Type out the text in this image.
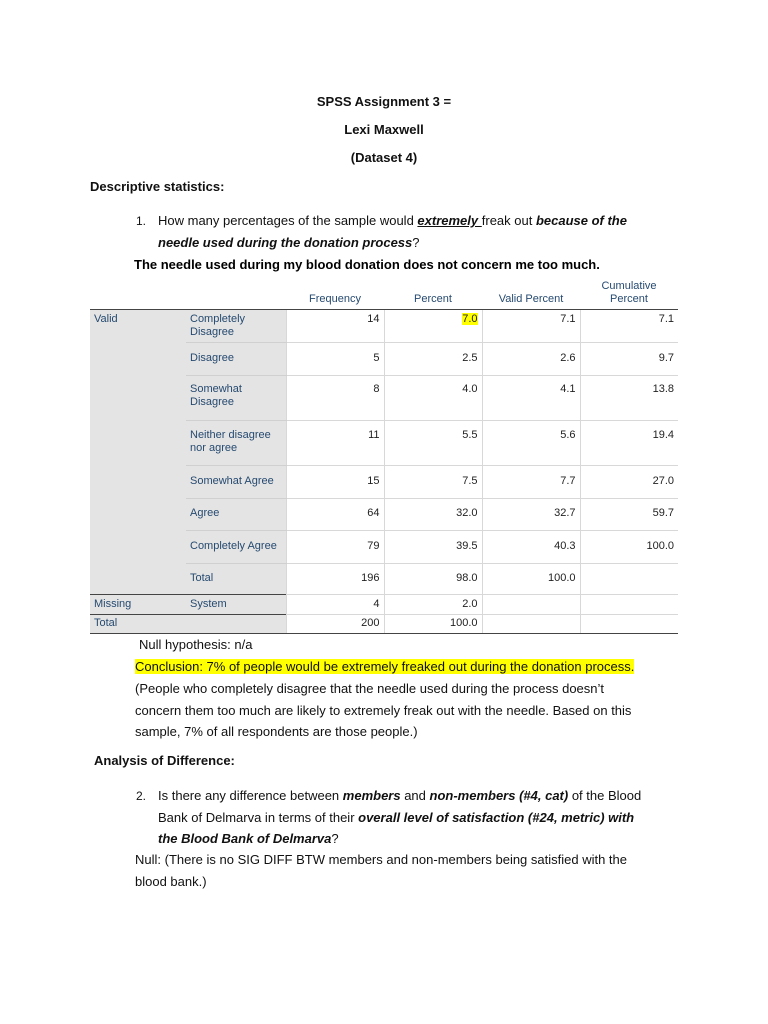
SPSS Assignment 3 =
Lexi Maxwell
(Dataset 4)
Descriptive statistics:
1. How many percentages of the sample would extremely freak out because of the
needle used during the donation process?
The needle used during my blood donation does not concern me too much.
		Frequency	Percent	Valid Percent	Cumulative Percent
Valid	Completely Disagree	14	7.0	7.1	7.1
	Disagree	5	2.5	2.6	9.7
	Somewhat Disagree	8	4.0	4.1	13.8
	Neither disagree nor agree	11	5.5	5.6	19.4
	Somewhat Agree	15	7.5	7.7	27.0
	Agree	64	32.0	32.7	59.7
	Completely Agree	79	39.5	40.3	100.0
	Total	196	98.0	100.0	
Missing	System	4	2.0		
Total		200	100.0		
Null hypothesis: n/a
Conclusion: 7% of people would be extremely freaked out during the donation process.
(People who completely disagree that the needle used during the process doesn’t
concern them too much are likely to extremely freak out with the needle. Based on this
sample, 7% of all respondents are those people.)
Analysis of Difference:
2. Is there any difference between members and non-members (#4, cat) of the Blood
Bank of Delmarva in terms of their overall level of satisfaction (#24, metric) with
the Blood Bank of Delmarva?
Null: (There is no SIG DIFF BTW members and non-members being satisfied with the
blood bank.)
